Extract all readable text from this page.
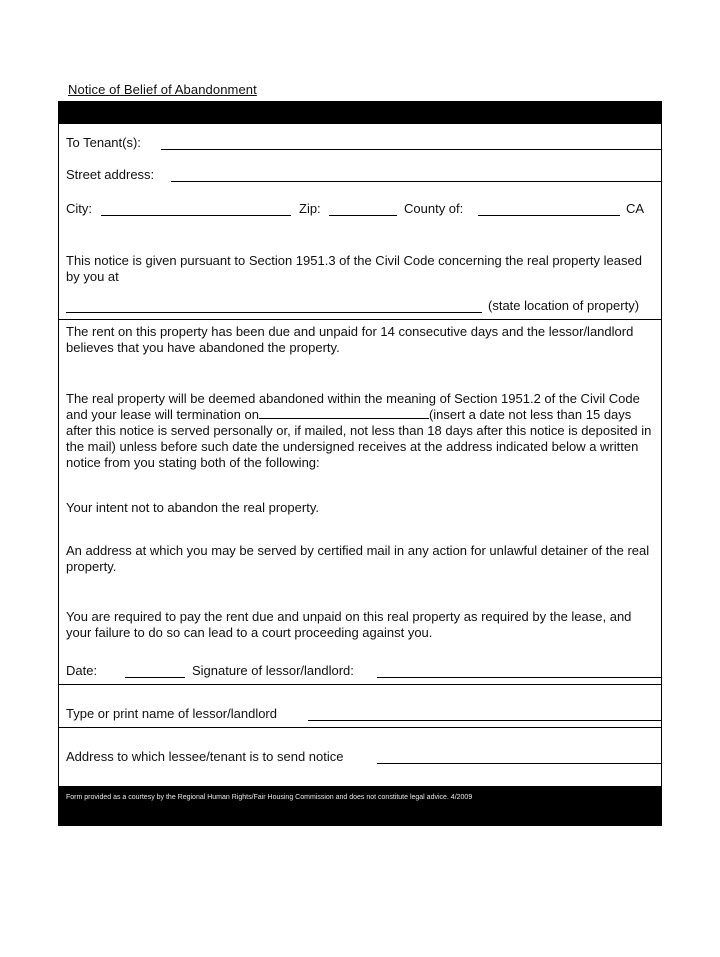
Notice of Belief of Abandonment
To Tenant(s):
Street address:
City:	Zip:	County of:	CA
This notice is given pursuant to Section 1951.3 of the Civil Code concerning the real property leased by you at
(state location of property)
The rent on this property has been due and unpaid for 14 consecutive days and the lessor/landlord believes that you have abandoned the property.
The real property will be deemed abandoned within the meaning of Section 1951.2 of the Civil Code and your lease will termination on	(insert a date not less than 15 days after this notice is served personally or, if mailed, not less than 18 days after this notice is deposited in the mail) unless before such date the undersigned receives at the address indicated below a written notice from you stating both of the following:
Your intent not to abandon the real property.
An address at which you may be served by certified mail in any action for unlawful detainer of the real property.
You are required to pay the rent due and unpaid on this real property as required by the lease, and your failure to do so can lead to a court proceeding against you.
Date:	Signature of lessor/landlord:
Type or print name of lessor/landlord
Address to which lessee/tenant is to send notice
Form provided as a courtesy by the Regional Human Rights/Fair Housing Commission and does not constitute legal advice. 4/2009
